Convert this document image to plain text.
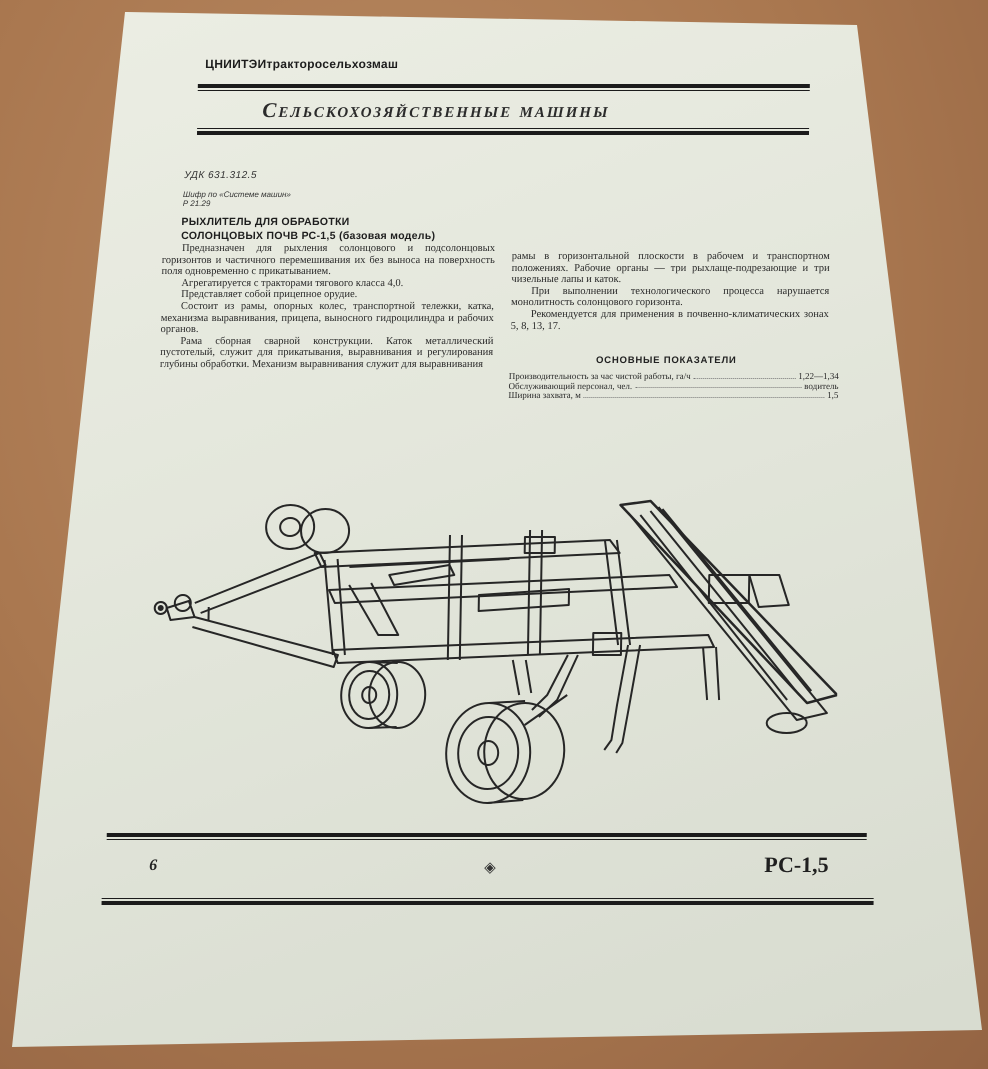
ЦНИИТЭИтракторосельхозмаш
Сельскохозяйственные машины
УДК 631.312.5
Шифр по «Системе машин»
Р 21.29
РЫХЛИТЕЛЬ ДЛЯ ОБРАБОТКИ
СОЛОНЦОВЫХ ПОЧВ РС-1,5 (базовая модель)

Предназначен для рыхления солонцового и подсолонцовых горизонтов и частичного перемешивания их без выноса на поверхность поля одновременно с прикатыванием.

Агрегатируется с тракторами тягового класса 4,0.

Представляет собой прицепное орудие.

Состоит из рамы, опорных колес, транспортной тележки, катка, механизма выравнивания, прицепа, выносного гидроцилиндра и рабочих органов.

Рама сборная сварной конструкции. Каток металлический пустотелый, служит для прикатывания, выравнивания и регулирования глубины обработки. Механизм выравнивания служит для выравнивания

рамы в горизонтальной плоскости в рабочем и транспортном положениях. Рабочие органы — три рыхлаще-подрезающие и три чизельные лапы и каток.

При выполнении технологического процесса нарушается монолитность солонцового горизонта.

Рекомендуется для применения в почвенно-климатических зонах 5, 8, 13, 17.

ОСНОВНЫЕ ПОКАЗАТЕЛИ
Производительность за час чистой работы, га/ч	1,22—1,34
Обслуживающий персонал, чел.	водитель
Ширина захвата, м	1,5
6	◈	РС-1,5
